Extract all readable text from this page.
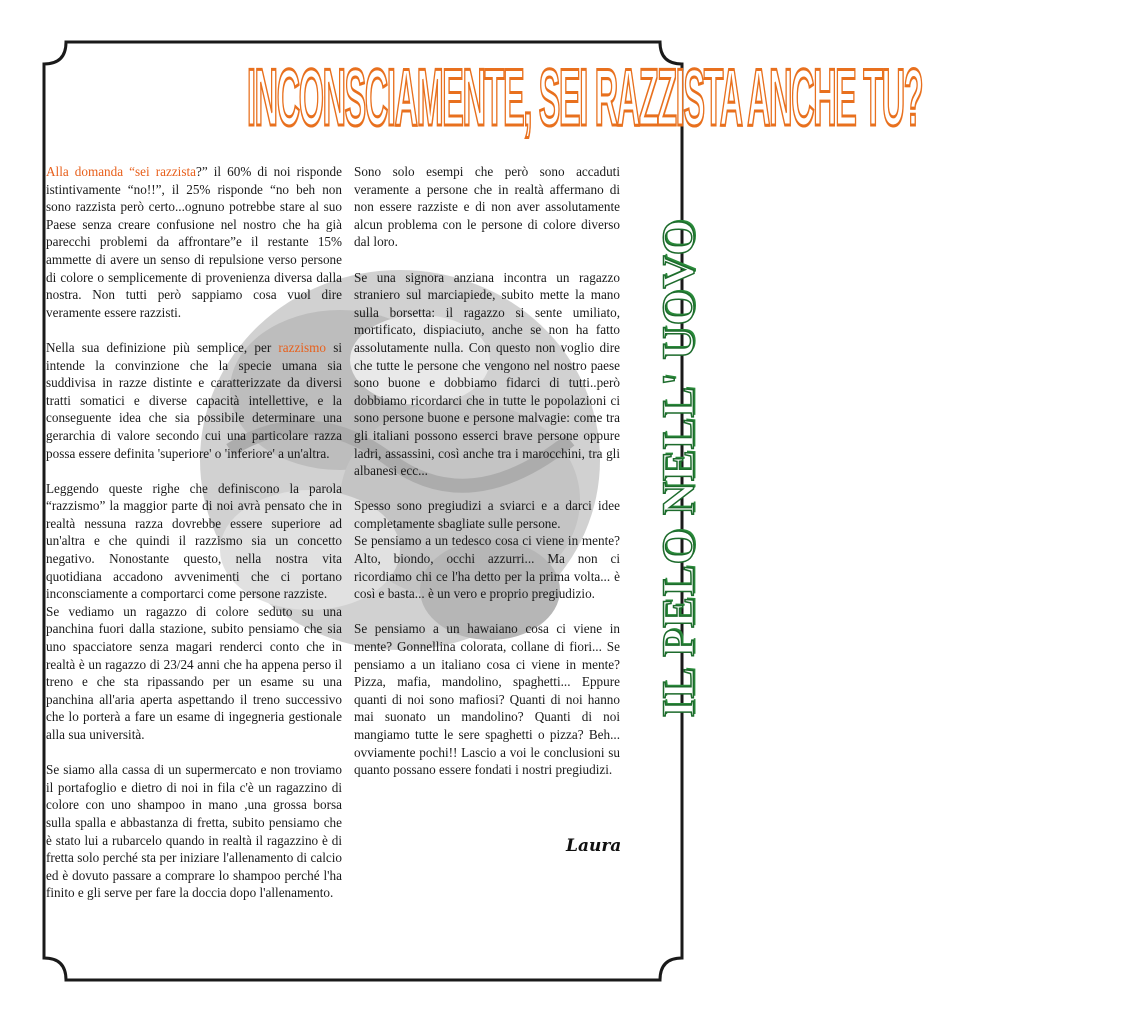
INCONSCIAMENTE, SEI RAZZISTA ANCHE TU?

Alla domanda “sei razzista?” il 60% di noi risponde istintivamente “no!!”, il 25% risponde “no beh non sono razzista però certo...ognuno potrebbe stare al suo Paese senza creare confusione nel nostro che ha già parecchi problemi da affrontare”e il restante 15% ammette di avere un senso di repulsione verso persone di colore o semplicemente di provenienza diversa dalla nostra. Non tutti però sappiamo cosa vuol dire veramente essere razzisti.

Nella sua definizione più semplice, per razzismo si intende la convinzione che la specie umana sia suddivisa in razze distinte e caratterizzate da diversi tratti somatici e diverse capacità intellettive, e la conseguente idea che sia possibile determinare una gerarchia di valore secondo cui una particolare razza possa essere definita 'superiore' o 'inferiore' a un'altra.

Leggendo queste righe che definiscono la parola “razzismo” la maggior parte di noi avrà pensato che in realtà nessuna razza dovrebbe essere superiore ad un'altra e che quindi il razzismo sia un concetto negativo. Nonostante questo, nella nostra vita quotidiana accadono avvenimenti che ci portano inconsciamente a comportarci come persone razziste.

Se vediamo un ragazzo di colore seduto su una panchina fuori dalla stazione, subito pensiamo che sia uno spacciatore senza magari renderci conto che in realtà è un ragazzo di 23/24 anni che ha appena perso il treno e che sta ripassando per un esame su una panchina all'aria aperta aspettando il treno successivo che lo porterà a fare un esame di ingegneria gestionale alla sua università.

Se siamo alla cassa di un supermercato e non troviamo il portafoglio e dietro di noi in fila c'è un ragazzino di colore con uno shampoo in mano ,una grossa borsa sulla spalla e abbastanza di fretta, subito pensiamo che è stato lui a rubarcelo quando in realtà il ragazzino è di fretta solo perché sta per iniziare l'allenamento di calcio ed è dovuto passare a comprare lo shampoo perché l'ha finito e gli serve per fare la doccia dopo l'allenamento.

Sono solo esempi che però sono accaduti veramente a persone che in realtà affermano di non essere razziste e di non aver assolutamente alcun problema con le persone di colore diverso dal loro.

Se una signora anziana incontra un ragazzo straniero sul marciapiede, subito mette la mano sulla borsetta: il ragazzo si sente umiliato, mortificato, dispiaciuto, anche se non ha fatto assolutamente nulla. Con questo non voglio dire che tutte le persone che vengono nel nostro paese sono buone e dobbiamo fidarci di tutti..però dobbiamo ricordarci che in tutte le popolazioni ci sono persone buone e persone malvagie: come tra gli italiani possono esserci brave persone oppure ladri, assassini, così anche tra i marocchini, tra gli albanesi ecc...

Spesso sono pregiudizi a sviarci e a darci idee completamente sbagliate sulle persone.

Se pensiamo a un tedesco cosa ci viene in mente? Alto, biondo, occhi azzurri... Ma non ci ricordiamo chi ce l'ha detto per la prima volta... è così e basta... è un vero e proprio pregiudizio.

Se pensiamo a un hawaiano cosa ci viene in mente? Gonnellina colorata, collane di fiori... Se pensiamo a un italiano cosa ci viene in mente? Pizza, mafia, mandolino, spaghetti... Eppure quanti di noi sono mafiosi? Quanti di noi hanno mai suonato un mandolino? Quanti di noi mangiamo tutte le sere spaghetti o pizza? Beh... ovviamente pochi!! Lascio a voi le conclusioni su quanto possano essere fondati i nostri pregiudizi.

Laura
IL PELO NELL' UOVO
